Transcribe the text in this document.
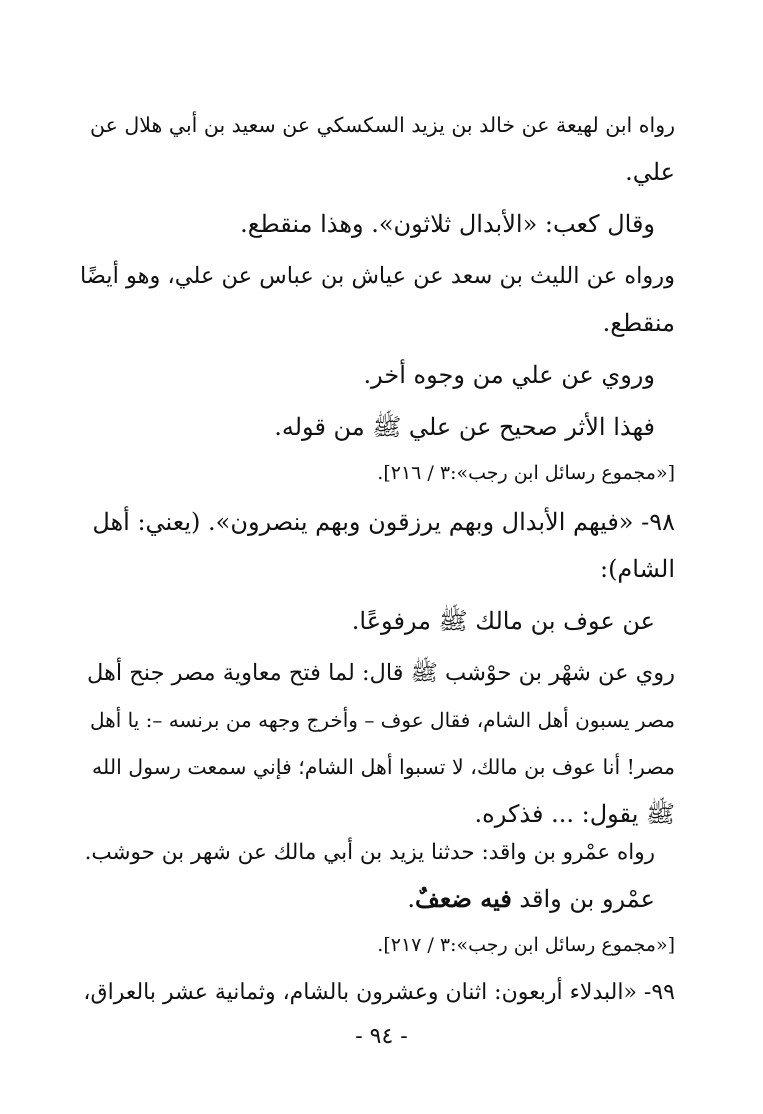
رواه ابن لهيعة عن خالد بن يزيد السكسكي عن سعيد بن أبي هلال عن
علي.
وقال كعب: «الأبدال ثلاثون». وهذا منقطع.
ورواه عن الليث بن سعد عن عياش بن عباس عن علي، وهو أيضًا
منقطع.
وروي عن علي من وجوه أخر.
فهذا الأثر صحيح عن علي ﷺ من قوله.
[«مجموع رسائل ابن رجب»:٣ / ٢١٦].
٩٨- «فيهم الأبدال وبهم يرزقون وبهم ينصرون». (يعني: أهل
الشام):
عن عوف بن مالك ﷺ مرفوعًا.
روي عن شهْر بن حوْشب ﷺ قال: لما فتح معاوية مصر جنح أهل
مصر يسبون أهل الشام، فقال عوف – وأخرج وجهه من برنسه –: يا أهل
مصر! أنا عوف بن مالك، لا تسبوا أهل الشام؛ فإني سمعت رسول الله
ﷺ يقول: ... فذكره.
رواه عمْرو بن واقد: حدثنا يزيد بن أبي مالك عن شهر بن حوشب.
عمْرو بن واقد فيه ضعفٌ.
[«مجموع رسائل ابن رجب»:٣ / ٢١٧].
٩٩- «البدلاء أربعون: اثنان وعشرون بالشام، وثمانية عشر بالعراق،
- ٩٤ -
